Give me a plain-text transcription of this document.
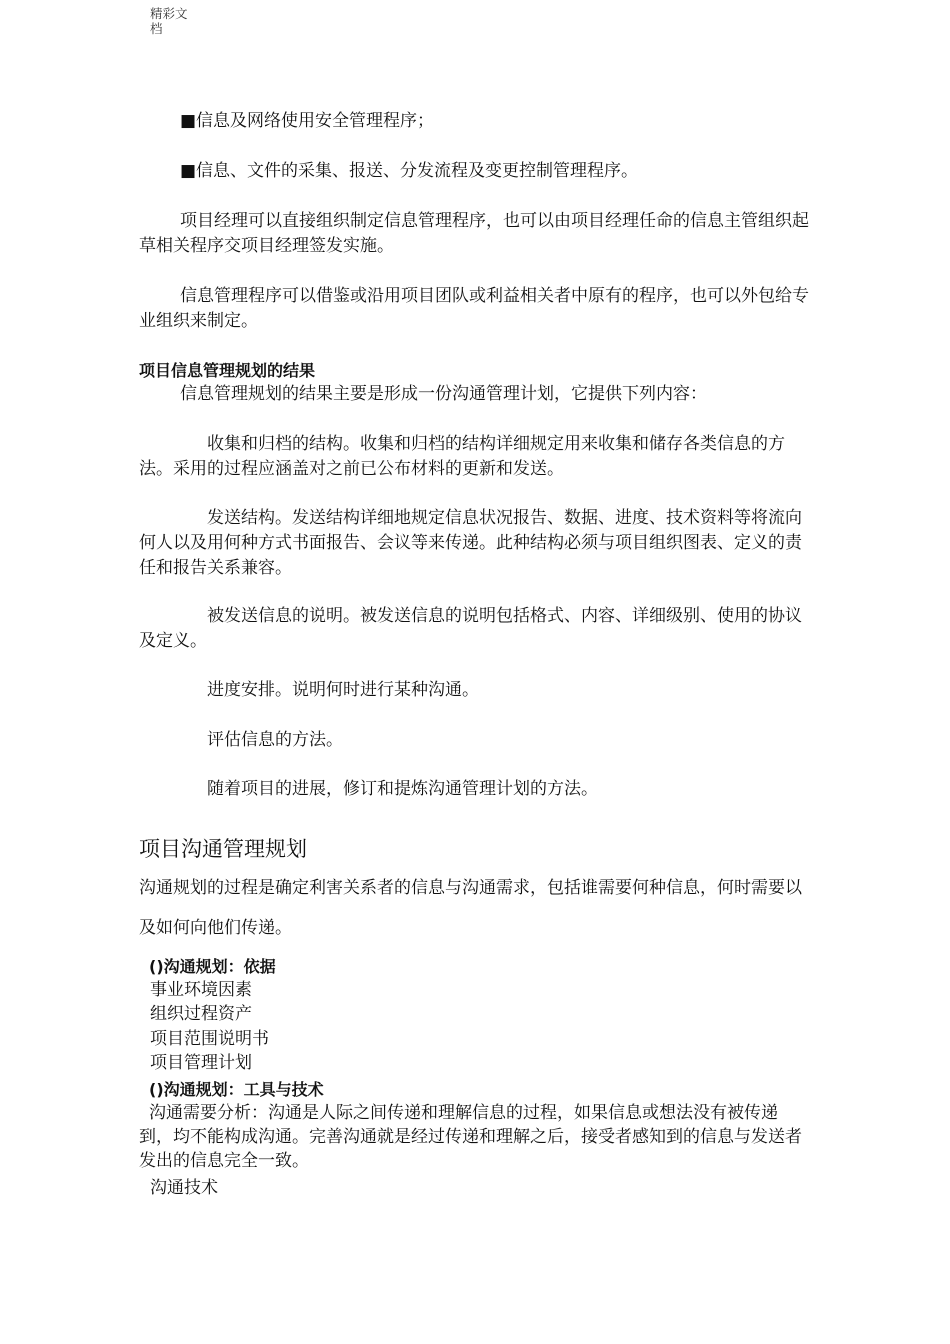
精彩文档
■信息及网络使用安全管理程序；
■信息、文件的采集、报送、分发流程及变更控制管理程序。
项目经理可以直接组织制定信息管理程序，也可以由项目经理任命的信息主管组织起草相关程序交项目经理签发实施。
信息管理程序可以借鉴或沿用项目团队或利益相关者中原有的程序，也可以外包给专业组织来制定。
项目信息管理规划的结果
信息管理规划的结果主要是形成一份沟通管理计划，它提供下列内容：
收集和归档的结构。收集和归档的结构详细规定用来收集和储存各类信息的方法。采用的过程应涵盖对之前已公布材料的更新和发送。
发送结构。发送结构详细地规定信息状况报告、数据、进度、技术资料等将流向何人以及用何种方式书面报告、会议等来传递。此种结构必须与项目组织图表、定义的责任和报告关系兼容。
被发送信息的说明。被发送信息的说明包括格式、内容、详细级别、使用的协议及定义。
进度安排。说明何时进行某种沟通。
评估信息的方法。
随着项目的进展，修订和提炼沟通管理计划的方法。
项目沟通管理规划
沟通规划的过程是确定利害关系者的信息与沟通需求，包括谁需要何种信息，何时需要以及如何向他们传递。
()沟通规划：依据
事业环境因素
组织过程资产
项目范围说明书
项目管理计划
()沟通规划：工具与技术
沟通需要分析：沟通是人际之间传递和理解信息的过程，如果信息或想法没有被传递到，均不能构成沟通。完善沟通就是经过传递和理解之后，接受者感知到的信息与发送者发出的信息完全一致。
沟通技术
